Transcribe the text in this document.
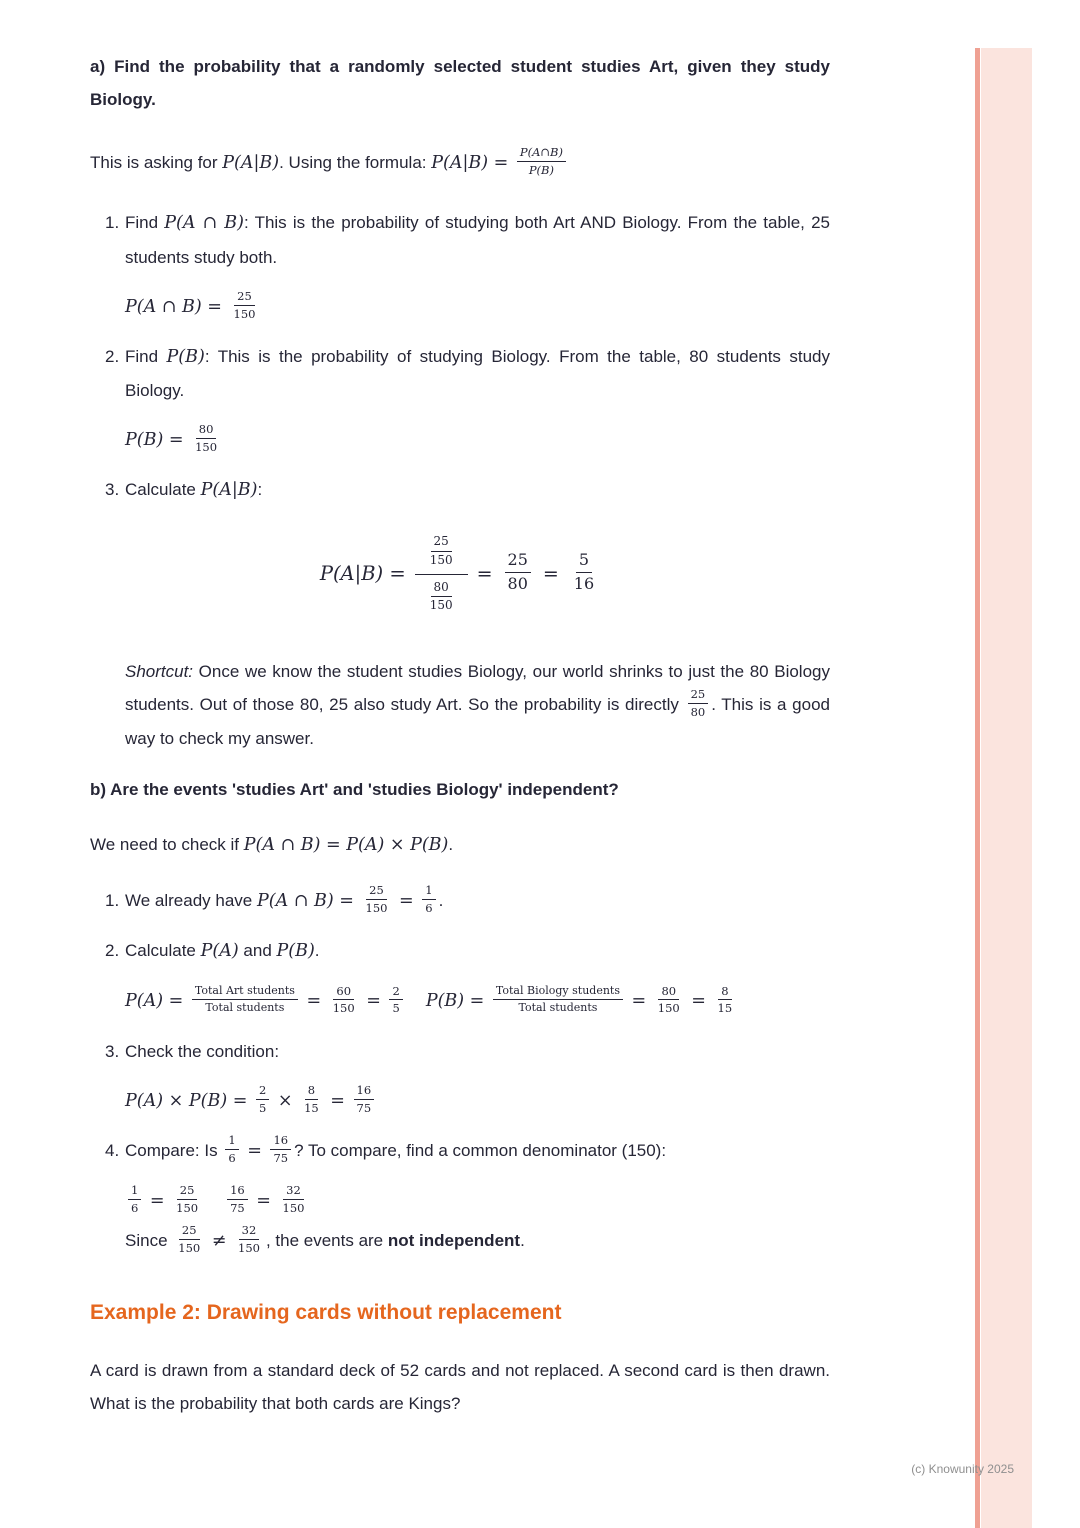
a) Find the probability that a randomly selected student studies Art, given they study Biology.

This is asking for P(A|B). Using the formula: $P(A|B) = \frac{P(A\cap B)}{P(B)}$

1. Find P(A ∩ B): This is the probability of studying both Art AND Biology. From the table, 25 students study both.
P(A ∩ $B) = \frac{25}{150}$
2. Find P(B): This is the probability of studying Biology. From the table, 80 students study Biology.
$P(B) = \frac{80}{150}$
3. Calculate P(A|B):
$P(A|B) = \frac{\frac{25}{150}}{\frac{80}{150}} = \frac{25}{80} = \frac{5}{16}$

Shortcut: Once we know the student studies Biology, our world shrinks to just the 80 Biology students. Out of those 80, 25 also study Art. So the probability is directly $\frac{25}{80}$ . This is a good way to check my answer.

b) Are the events 'studies Art' and 'studies Biology' independent?

We need to check if P(A ∩ B) = P(A) × P(B).

1. We already have P(A ∩ $B) = \frac{25}{150} = \frac{1}{6}$ .
2. Calculate P(A) and P(B).
P(A) =
Total Art students
Total students = $\frac{60}{150} = \frac{2}{5} P(B)$ =
Total Biology students
Total students = $\frac{80}{150} = \frac{8}{15}$
3. Check the condition:
$P(A) \times P(B) = \frac{2}{5} \times \frac{8}{15} = \frac{16}{75}$
4. Compare: Is $\frac{1}{6} = \frac{16}{75}$ ? To compare, find a common denominator (150):
$\frac{1}{6} = \frac{25}{150} \frac{16}{75} = \frac{32}{150}$
Since $\frac{25}{150} \ne \frac{32}{150}$ , the events are not independent.
Example 2: Drawing cards without replacement

A card is drawn from a standard deck of 52 cards and not replaced. A second card is then drawn. What is the probability that both cards are Kings?

(c) Knowunity 2025
